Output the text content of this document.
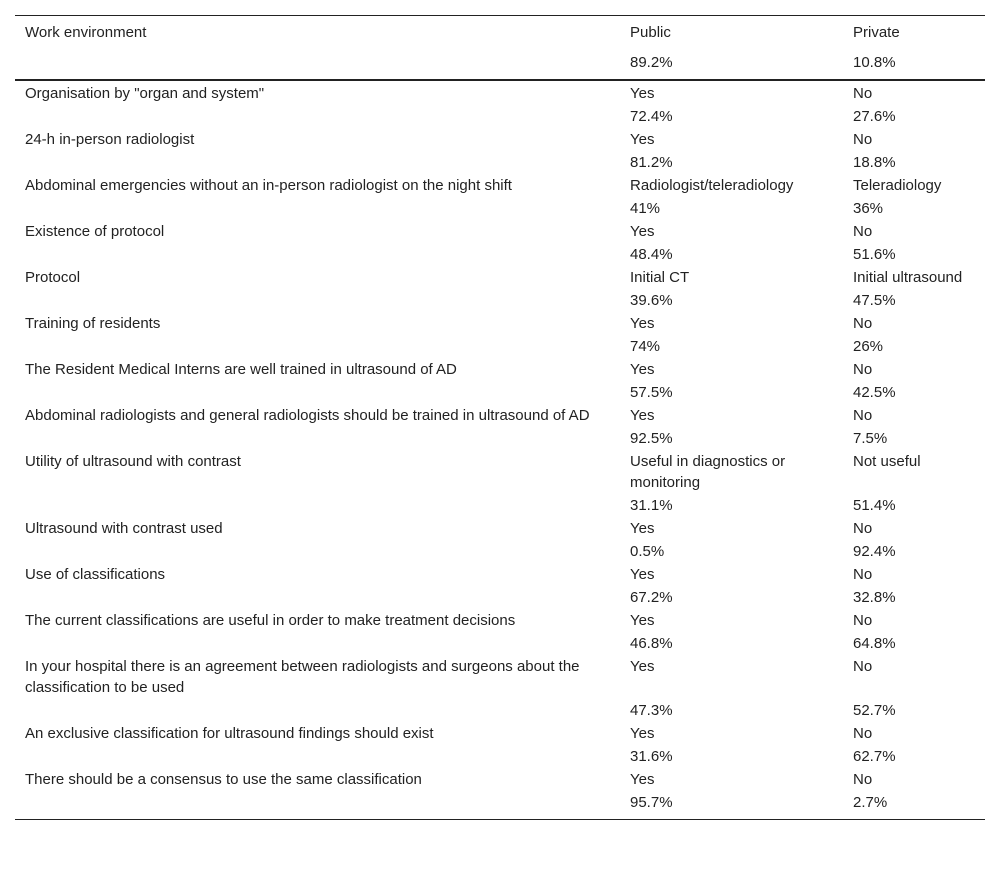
Work environment	Public	Private
	89.2%	10.8%
Organisation by "organ and system"	Yes	No
	72.4%	27.6%
24-h in-person radiologist	Yes	No
	81.2%	18.8%
Abdominal emergencies without an in-person radiologist on the night shift	Radiologist/teleradiology	Teleradiology
	41%	36%
Existence of protocol	Yes	No
	48.4%	51.6%
Protocol	Initial CT	Initial ultrasound
	39.6%	47.5%
Training of residents	Yes	No
	74%	26%
The Resident Medical Interns are well trained in ultrasound of AD	Yes	No
	57.5%	42.5%
Abdominal radiologists and general radiologists should be trained in ultrasound of AD	Yes	No
	92.5%	7.5%
Utility of ultrasound with contrast	Useful in diagnostics or monitoring	Not useful
	31.1%	51.4%
Ultrasound with contrast used	Yes	No
	0.5%	92.4%
Use of classifications	Yes	No
	67.2%	32.8%
The current classifications are useful in order to make treatment decisions	Yes	No
	46.8%	64.8%
In your hospital there is an agreement between radiologists and surgeons about the classification to be used	Yes	No
	47.3%	52.7%
An exclusive classification for ultrasound findings should exist	Yes	No
	31.6%	62.7%
There should be a consensus to use the same classification	Yes	No
	95.7%	2.7%
